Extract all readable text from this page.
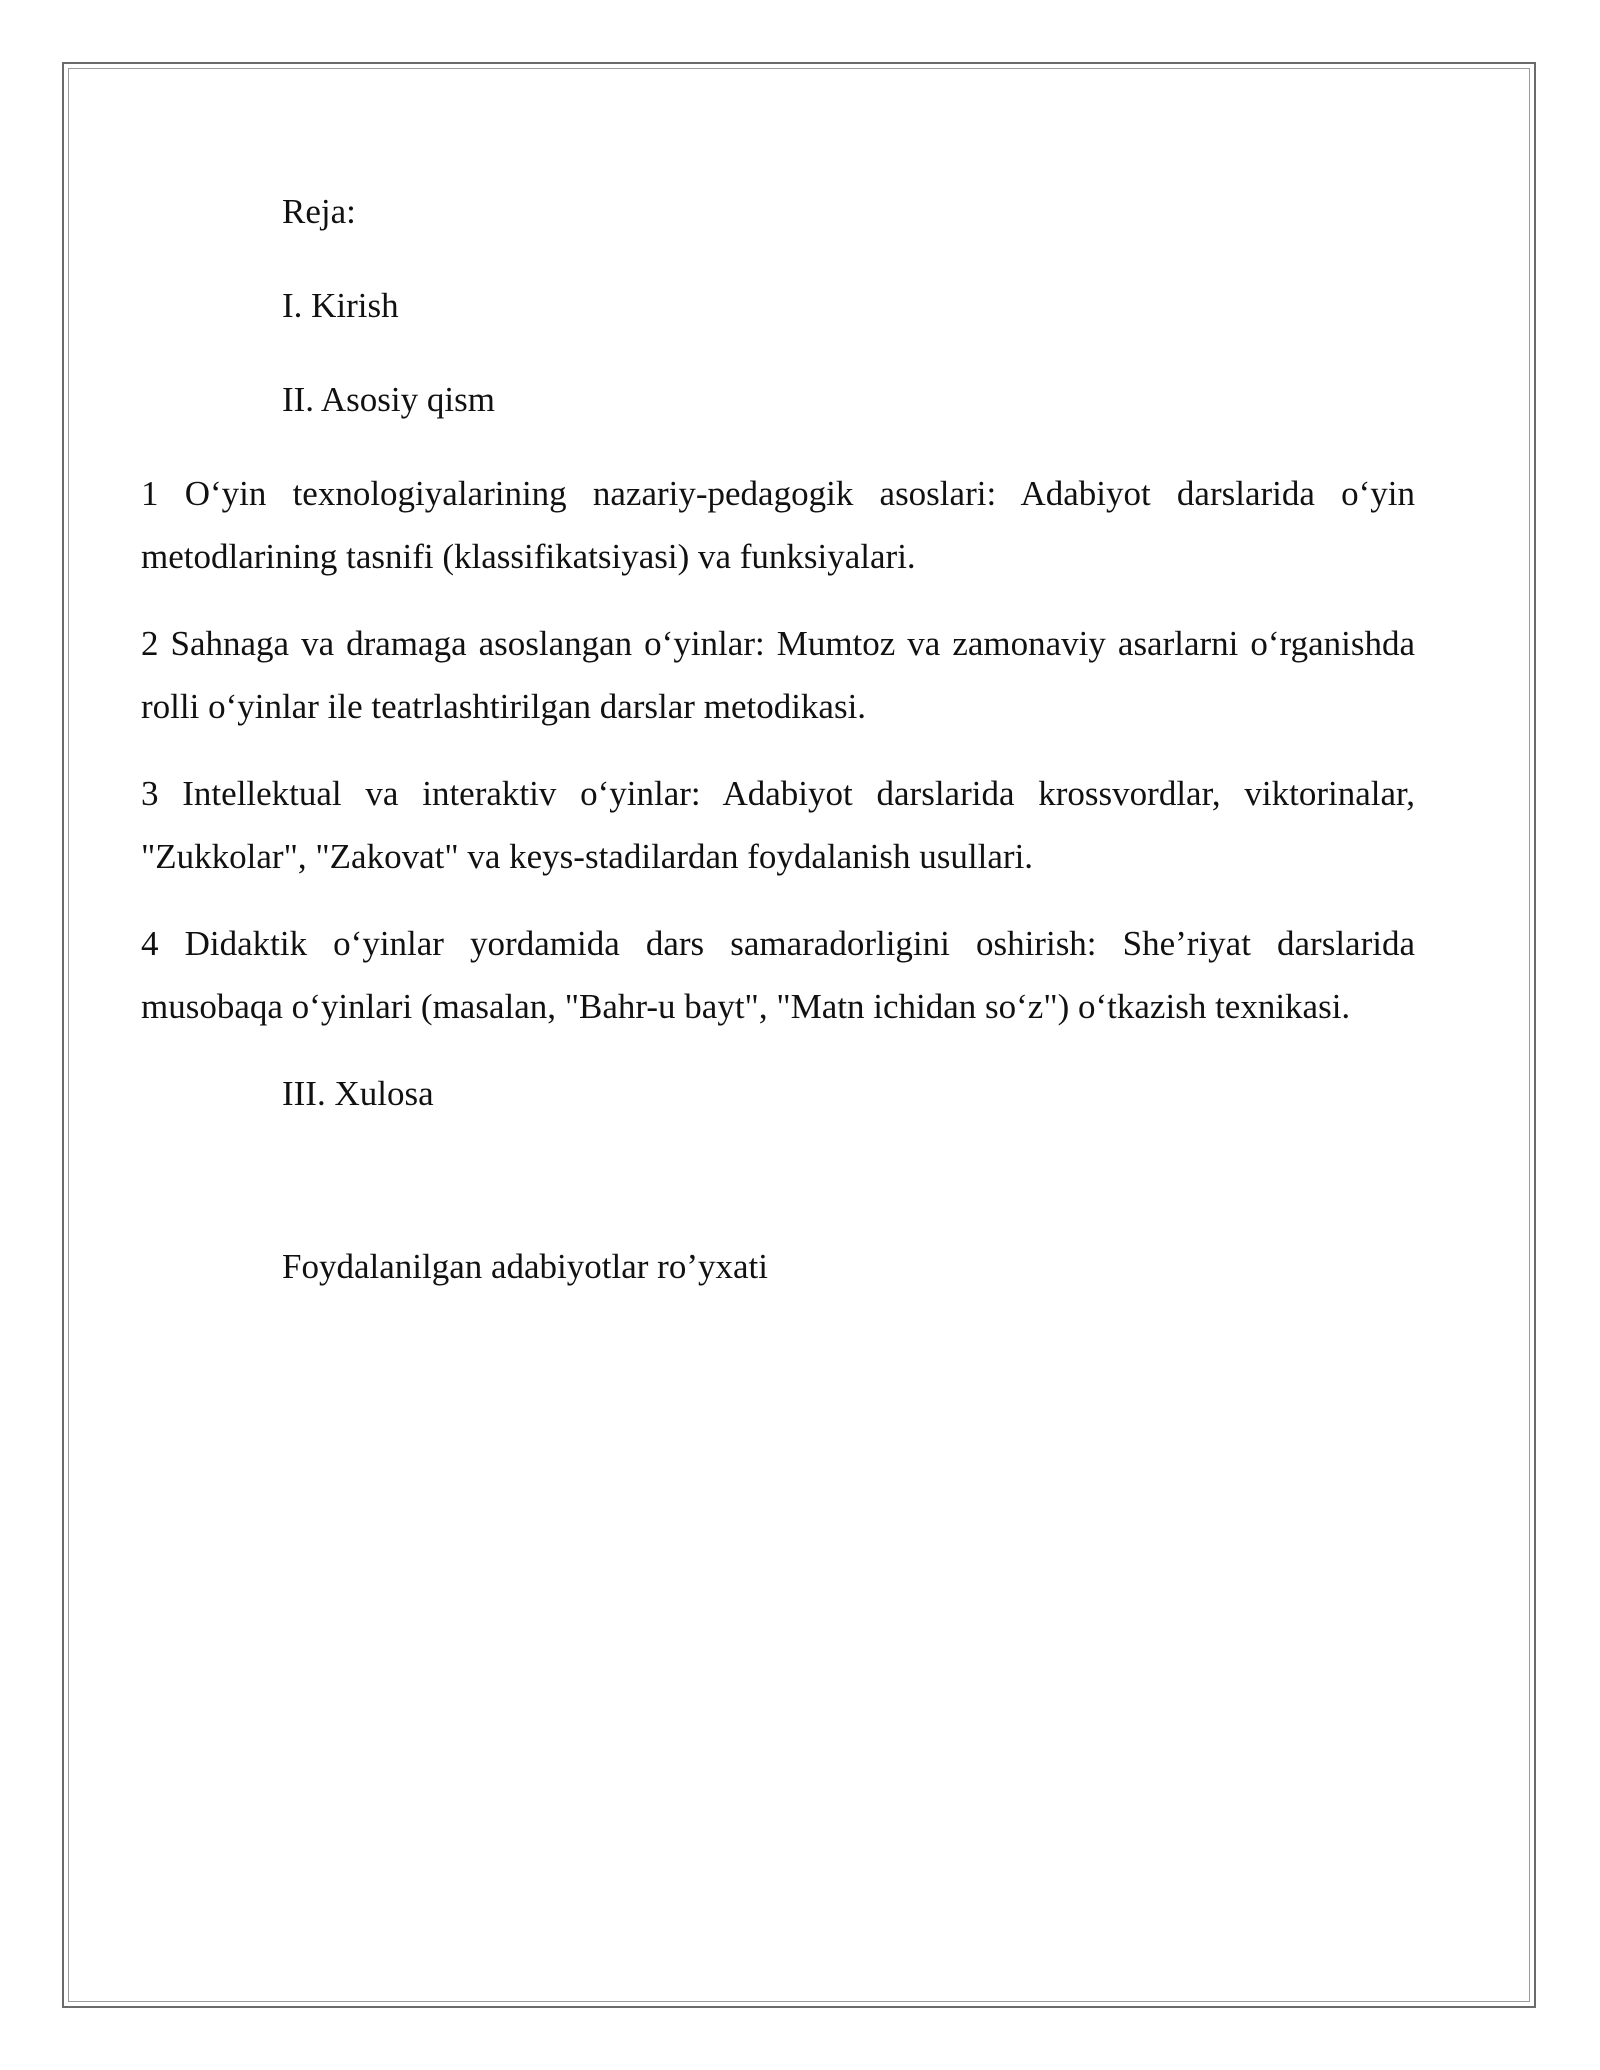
Reja:

I. Kirish

II. Asosiy qism

1 O‘yin texnologiyalarining nazariy-pedagogik asoslari: Adabiyot darslarida o‘yin metodlarining tasnifi (klassifikatsiyasi) va funksiyalari.

2 Sahnaga va dramaga asoslangan o‘yinlar: Mumtoz va zamonaviy asarlarni o‘rganishda rolli o‘yinlar ile teatrlashtirilgan darslar metodikasi.

3 Intellektual va interaktiv o‘yinlar: Adabiyot darslarida krossvordlar, viktorinalar, "Zukkolar", "Zakovat" va keys-stadilardan foydalanish usullari.

4 Didaktik o‘yinlar yordamida dars samaradorligini oshirish: She’riyat darslarida musobaqa o‘yinlari (masalan, "Bahr-u bayt", "Matn ichidan so‘z") o‘tkazish texnikasi.

III. Xulosa

Foydalanilgan adabiyotlar ro’yxati
